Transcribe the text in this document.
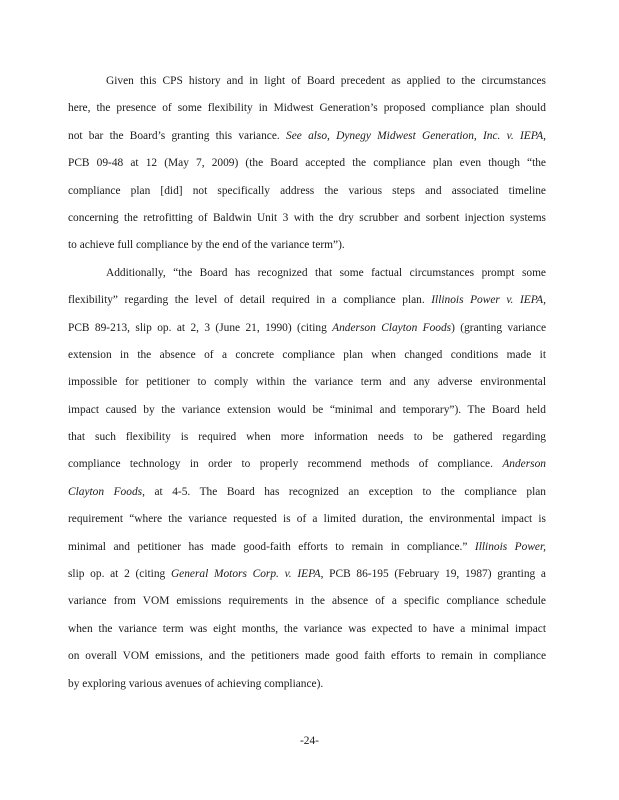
Given this CPS history and in light of Board precedent as applied to the circumstances
here, the presence of some flexibility in Midwest Generation’s proposed compliance plan should
not bar the Board’s granting this variance. See also, Dynegy Midwest Generation, Inc. v. IEPA,
PCB 09-48 at 12 (May 7, 2009) (the Board accepted the compliance plan even though “the
compliance plan [did] not specifically address the various steps and associated timeline
concerning the retrofitting of Baldwin Unit 3 with the dry scrubber and sorbent injection systems
to achieve full compliance by the end of the variance term”).
Additionally, “the Board has recognized that some factual circumstances prompt some
flexibility” regarding the level of detail required in a compliance plan. Illinois Power v. IEPA,
PCB 89-213, slip op. at 2, 3 (June 21, 1990) (citing Anderson Clayton Foods) (granting variance
extension in the absence of a concrete compliance plan when changed conditions made it
impossible for petitioner to comply within the variance term and any adverse environmental
impact caused by the variance extension would be “minimal and temporary”). The Board held
that such flexibility is required when more information needs to be gathered regarding
compliance technology in order to properly recommend methods of compliance. Anderson
Clayton Foods, at 4-5. The Board has recognized an exception to the compliance plan
requirement “where the variance requested is of a limited duration, the environmental impact is
minimal and petitioner has made good-faith efforts to remain in compliance.” Illinois Power,
slip op. at 2 (citing General Motors Corp. v. IEPA, PCB 86-195 (February 19, 1987) granting a
variance from VOM emissions requirements in the absence of a specific compliance schedule
when the variance term was eight months, the variance was expected to have a minimal impact
on overall VOM emissions, and the petitioners made good faith efforts to remain in compliance
by exploring various avenues of achieving compliance).
-24-
